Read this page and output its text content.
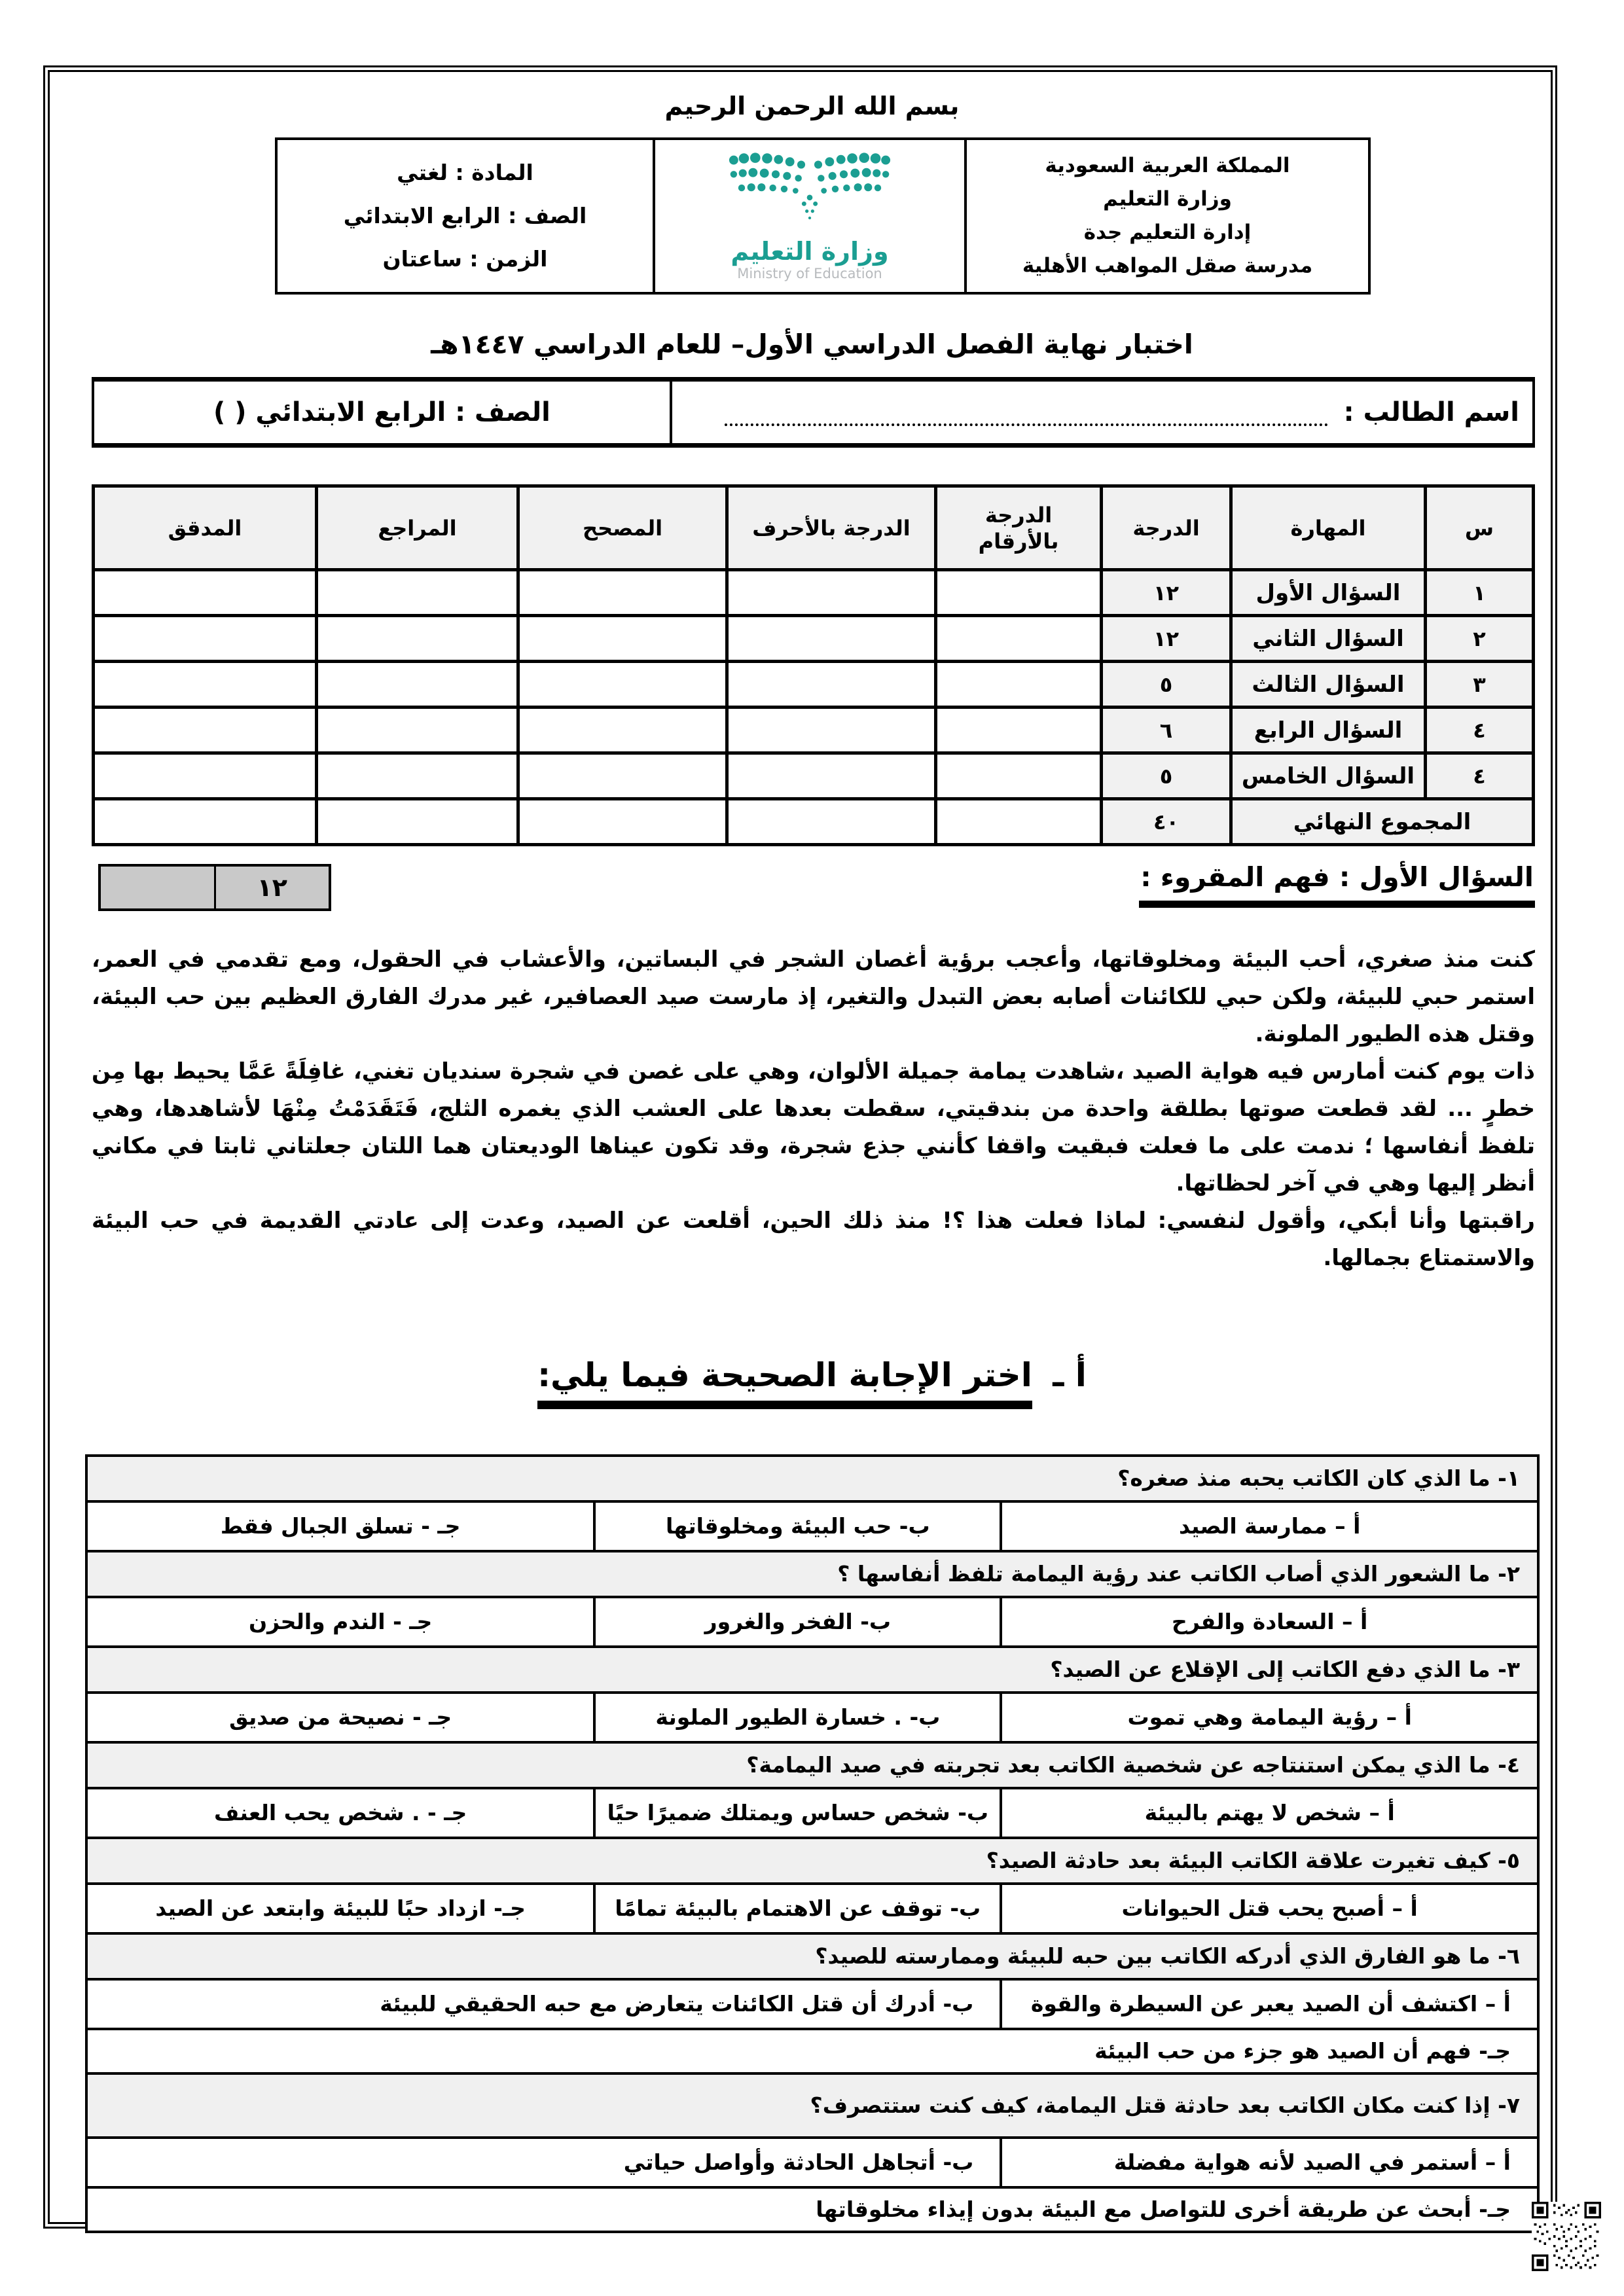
بسم الله الرحمن الرحيم
المملكة العربية السعودية
وزارة التعليم
إدارة التعليم جدة
مدرسة صقل المواهب الأهلية

وزارة التعليم
Ministry of Education

المادة : لغتي
الصف : الرابع الابتدائي
الزمن : ساعتان
اختبار نهاية الفصل الدراسي الأول– للعام الدراسي ١٤٤٧هـ
اسم الطالب :
الصف : الرابع الابتدائي ( )
س	المهارة	الدرجة	الدرجة بالأرقام	الدرجة بالأحرف	المصحح	المراجع	المدقق
١	السؤال الأول	١٢					
٢	السؤال الثاني	١٢					
٣	السؤال الثالث	٥					
٤	السؤال الرابع	٦					
٤	السؤال الخامس	٥					
المجموع النهائي		٤٠					
السؤال الأول : فهم المقروء :
١٢

كنت منذ صغري، أحب البيئة ومخلوقاتها، وأعجب برؤية أغصان الشجر في البساتين، والأعشاب في الحقول، ومع تقدمي في العمر، استمر حبي للبيئة، ولكن حبي للكائنات أصابه بعض التبدل والتغير، إذ مارست صيد العصافير، غير مدرك الفارق العظيم بين حب البيئة، وقتل هذه الطيور الملونة.

ذات يوم كنت أمارس فيه هواية الصيد ،شاهدت يمامة جميلة الألوان، وهي على غصن في شجرة سنديان تغني، غافِلَةً عَمَّا يحيط بها مِن خطرٍ ... لقد قطعت صوتها بطلقة واحدة من بندقيتي، سقطت بعدها على العشب الذي يغمره الثلج، فَتَقَدَمْتُ مِنْهَا لأشاهدها، وهي تلفظ أنفاسها ؛ ندمت على ما فعلت فبقيت واقفا كأنني جذع شجرة، وقد تكون عيناها الوديعتان هما اللتان جعلتاني ثابتا في مكاني أنظر إليها وهي في آخر لحظاتها.

راقبتها وأنا أبكي، وأقول لنفسي: لماذا فعلت هذا ؟! منذ ذلك الحين، أقلعت عن الصيد، وعدت إلى عادتي القديمة في حب البيئة والاستمتاع بجمالها.

أ ـ اختر الإجابة الصحيحة فيما يلي:
١- ما الذي كان الكاتب يحبه منذ صغره؟		
أ – ممارسة الصيد	ب- حب البيئة ومخلوقاتها	جـ - تسلق الجبال فقط
٢- ما الشعور الذي أصاب الكاتب عند رؤية اليمامة تلفظ أنفاسها ؟		
أ – السعادة والفرح	ب- الفخر والغرور	جـ - الندم والحزن
٣- ما الذي دفع الكاتب إلى الإقلاع عن الصيد؟		
أ – رؤية اليمامة وهي تموت	ب- . خسارة الطيور الملونة	جـ - نصيحة من صديق
٤- ما الذي يمكن استنتاجه عن شخصية الكاتب بعد تجربته في صيد اليمامة؟		
أ – شخص لا يهتم بالبيئة	ب- شخص حساس ويمتلك ضميرًا حيًا	جـ - . شخص يحب العنف
٥- كيف تغيرت علاقة الكاتب البيئة بعد حادثة الصيد؟		
أ – أصبح يحب قتل الحيوانات	ب- توقف عن الاهتمام بالبيئة تمامًا	جـ- ازداد حبًا للبيئة وابتعد عن الصيد
٦- ما هو الفارق الذي أدركه الكاتب بين حبه للبيئة وممارسته للصيد؟		
أ – اكتشف أن الصيد يعبر عن السيطرة والقوة	ب- أدرك أن قتل الكائنات يتعارض مع حبه الحقيقي للبيئة	
جـ- فهم أن الصيد هو جزء من حب البيئة		
٧- إذا كنت مكان الكاتب بعد حادثة قتل اليمامة، كيف كنت ستتصرف؟		
أ – أستمر في الصيد لأنه هواية مفضلة	ب- أتجاهل الحادثة وأواصل حياتي	
جـ- أبحث عن طريقة أخرى للتواصل مع البيئة بدون إيذاء مخلوقاتها		
